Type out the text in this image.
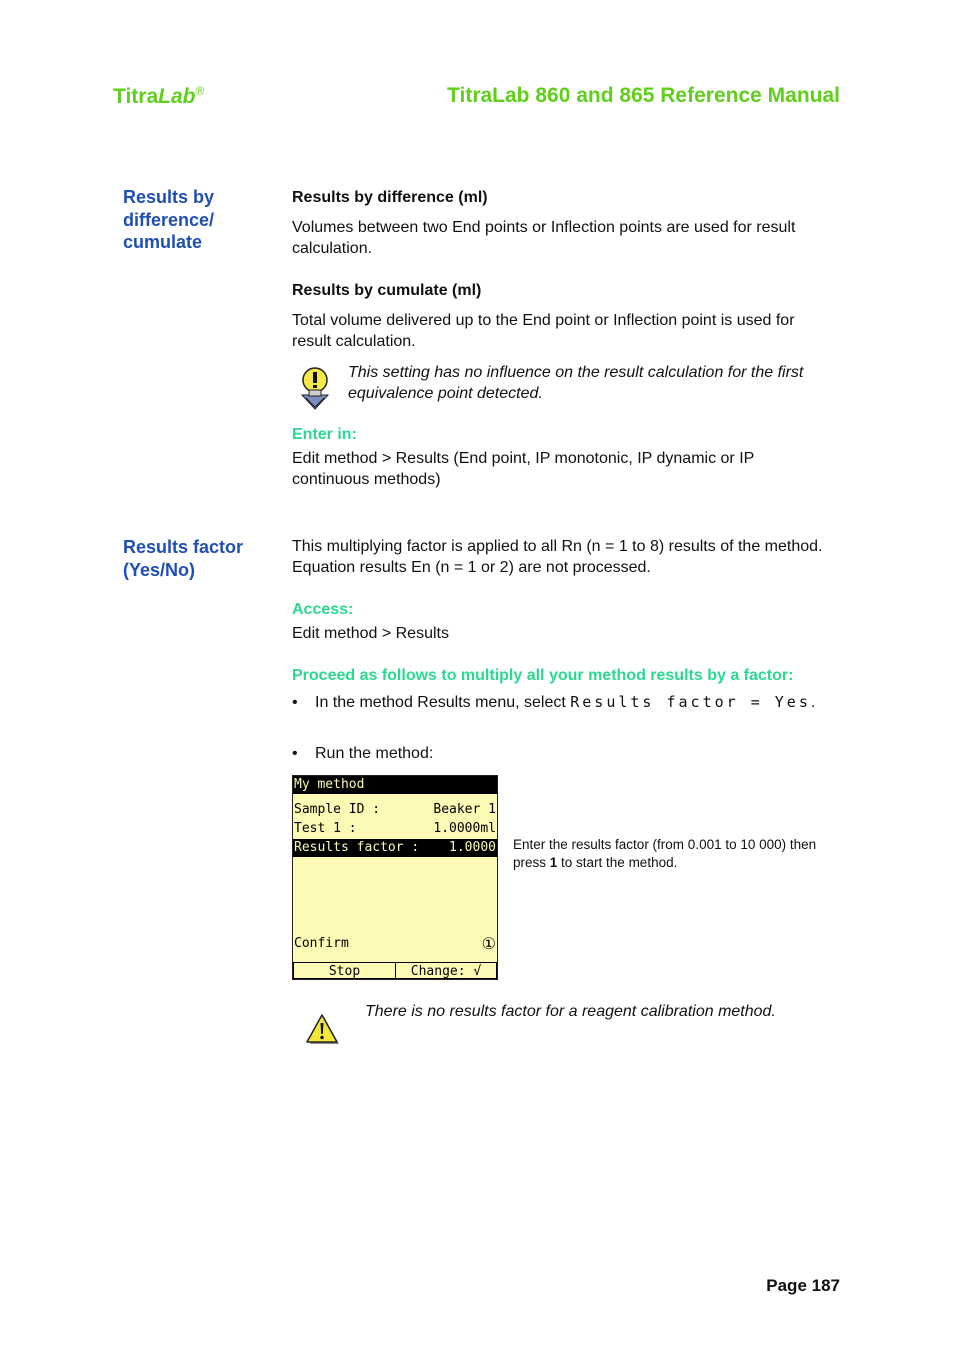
TitraLab®	TitraLab 860 and 865 Reference Manual
Results by difference/ cumulate
Results by difference (ml)
Volumes between two End points or Inflection points are used for result calculation.
Results by cumulate (ml)
Total volume delivered up to the End point or Inflection point is used for result calculation.
This setting has no influence on the result calculation for the first equivalence point detected.
Enter in:
Edit method > Results (End point, IP monotonic, IP dynamic or IP continuous methods)
Results factor (Yes/No)
This multiplying factor is applied to all Rn (n = 1 to 8) results of the method. Equation results En (n = 1 or 2) are not processed.
Access:
Edit method > Results
Proceed as follows to multiply all your method results by a factor:
• In the method Results menu, select Results factor = Yes.
• Run the method:
My method
Sample ID :	Beaker 1
Test 1 :	1.0000ml
Results factor : 1.0000
Confirm	①
Stop	Change: √
Enter the results factor (from 0.001 to 10 000) then press 1 to start the method.
There is no results factor for a reagent calibration method.
Page 187
